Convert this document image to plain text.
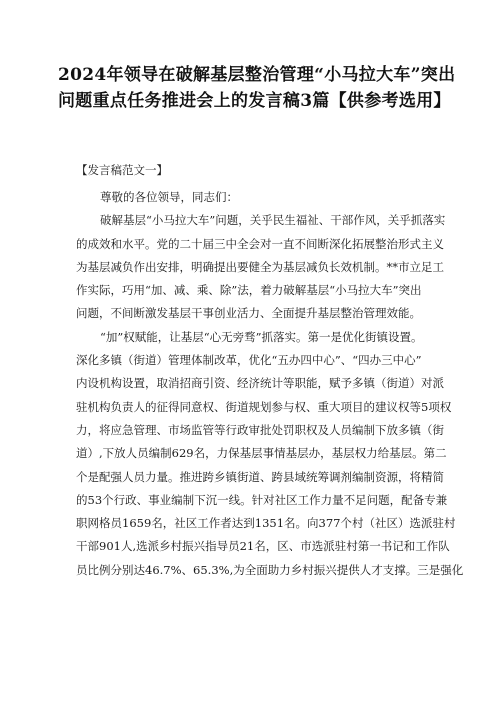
2024年领导在破解基层整治管理“小马拉大车”突出
问题重点任务推进会上的发言稿3篇【供参考选用】
【发言稿范文一】
尊敬的各位领导，同志们：
破解基层“小马拉大车”问题，关乎民生福祉、干部作风，关乎抓落实
的成效和水平。党的二十届三中全会对一直不间断深化拓展整治形式主义
为基层减负作出安排，明确提出要健全为基层减负长效机制。**市立足工
作实际，巧用“加、减、乘、除”法，着力破解基层“小马拉大车”突出
问题，不间断激发基层干事创业活力、全面提升基层整治管理效能。
“加”权赋能，让基层“心无旁骛”抓落实。第一是优化街镇设置。
深化多镇（街道）管理体制改革，优化“五办四中心”、“四办三中心”
内设机构设置，取消招商引资、经济统计等职能，赋予多镇（街道）对派
驻机构负责人的征得同意权、街道规划参与权、重大项目的建议权等5项权
力，将应急管理、市场监管等行政审批处罚职权及人员编制下放多镇（街
道）,下放人员编制629名，力保基层事情基层办，基层权力给基层。第二
个是配强人员力量。推进跨乡镇街道、跨县域统筹调剂编制资源，将精简
的53个行政、事业编制下沉一线。针对社区工作力量不足问题，配备专兼
职网格员1659名，社区工作者达到1351名。向377个村（社区）选派驻村
干部901人,选派乡村振兴指导员21名，区、市选派驻村第一书记和工作队
员比例分别达46.7%、65.3%,为全面助力乡村振兴提供人才支撑。三是强化
